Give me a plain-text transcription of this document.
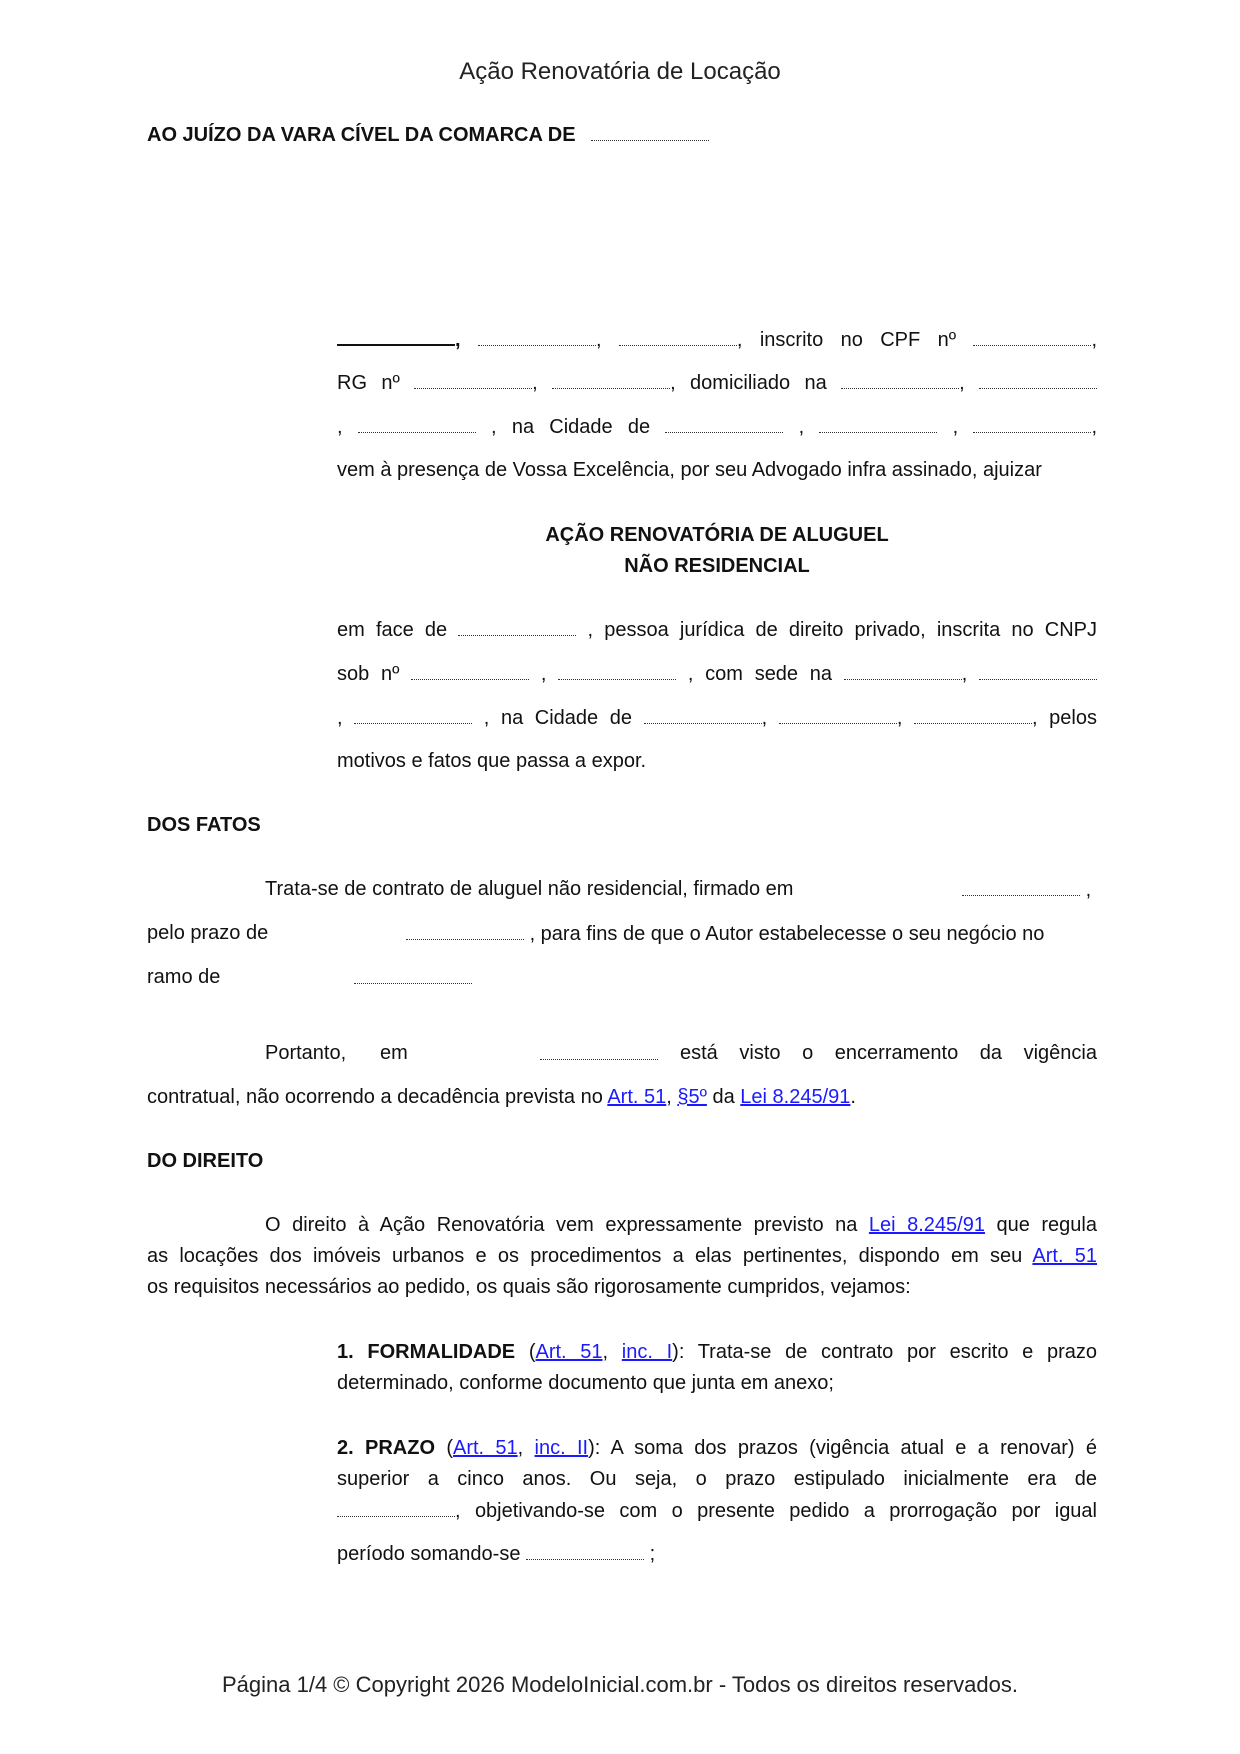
Ação Renovatória de Locação
AO JUÍZO DA VARA CÍVEL DA COMARCA DE
,	,	, inscrito no CPF nº	,
RG nº	,	, domiciliado na	,
,	, na Cidade de	,	,	,
vem à presença de Vossa Excelência, por seu Advogado infra assinado, ajuizar
AÇÃO RENOVATÓRIA DE ALUGUEL
NÃO RESIDENCIAL
em face de	, pessoa jurídica de direito privado, inscrita no CNPJ
sob nº	,	, com sede na	,
,	, na Cidade de	,	,	, pelos
motivos e fatos que passa a expor.
DOS FATOS
Trata-se de contrato de aluguel não residencial, firmado em	,
pelo prazo de	, para fins de que o Autor estabelecesse o seu negócio no
ramo de
Portanto, em	está visto o encerramento da vigência
contratual, não ocorrendo a decadência prevista no Art. 51, §5º da Lei 8.245/91.
DO DIREITO
O direito à Ação Renovatória vem expressamente previsto na Lei 8.245/91 que regula
as locações dos imóveis urbanos e os procedimentos a elas pertinentes, dispondo em seu Art. 51
os requisitos necessários ao pedido, os quais são rigorosamente cumpridos, vejamos:
1. FORMALIDADE (Art. 51, inc. I): Trata-se de contrato por escrito e prazo
determinado, conforme documento que junta em anexo;
2. PRAZO (Art. 51, inc. II): A soma dos prazos (vigência atual e a renovar) é
superior a cinco anos. Ou seja, o prazo estipulado inicialmente era de
, objetivando-se com o presente pedido a prorrogação por igual
período somando-se	;
Página 1/4 © Copyright 2026 ModeloInicial.com.br - Todos os direitos reservados.
